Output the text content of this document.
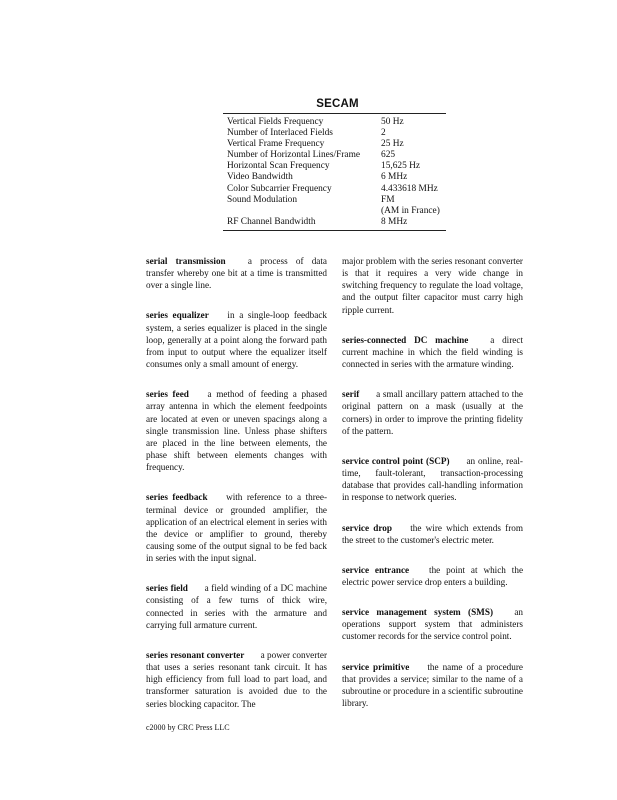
SECAM
Vertical Fields Frequency	50 Hz
Number of Interlaced Fields	2
Vertical Frame Frequency	25 Hz
Number of Horizontal Lines/Frame	625
Horizontal Scan Frequency	15,625 Hz
Video Bandwidth	6 MHz
Color Subcarrier Frequency	4.433618 MHz
Sound Modulation	FM
(AM in France)
RF Channel Bandwidth	8 MHz

serial transmission a process of data transfer whereby one bit at a time is transmitted over a single line.

series equalizer in a single-loop feedback system, a series equalizer is placed in the single loop, generally at a point along the forward path from input to output where the equalizer itself consumes only a small amount of energy.

series feed a method of feeding a phased array antenna in which the element feedpoints are located at even or uneven spacings along a single transmission line. Unless phase shifters are placed in the line between elements, the phase shift between elements changes with frequency.

series feedback with reference to a three-terminal device or grounded amplifier, the application of an electrical element in series with the device or amplifier to ground, thereby causing some of the output signal to be fed back in series with the input signal.

series field a field winding of a DC machine consisting of a few turns of thick wire, connected in series with the armature and carrying full armature current.

series resonant converter a power converter that uses a series resonant tank circuit. It has high efficiency from full load to part load, and transformer saturation is avoided due to the series blocking capacitor. The

major problem with the series resonant converter is that it requires a very wide change in switching frequency to regulate the load voltage, and the output filter capacitor must carry high ripple current.

series-connected DC machine a direct current machine in which the field winding is connected in series with the armature winding.

serif a small ancillary pattern attached to the original pattern on a mask (usually at the corners) in order to improve the printing fidelity of the pattern.

service control point (SCP) an online, real-time, fault-tolerant, transaction-processing database that provides call-handling information in response to network queries.

service drop the wire which extends from the street to the customer's electric meter.

service entrance the point at which the electric power service drop enters a building.

service management system (SMS) an operations support system that administers customer records for the service control point.

service primitive the name of a procedure that provides a service; similar to the name of a subroutine or procedure in a scientific subroutine library.

c2000 by CRC Press LLC
